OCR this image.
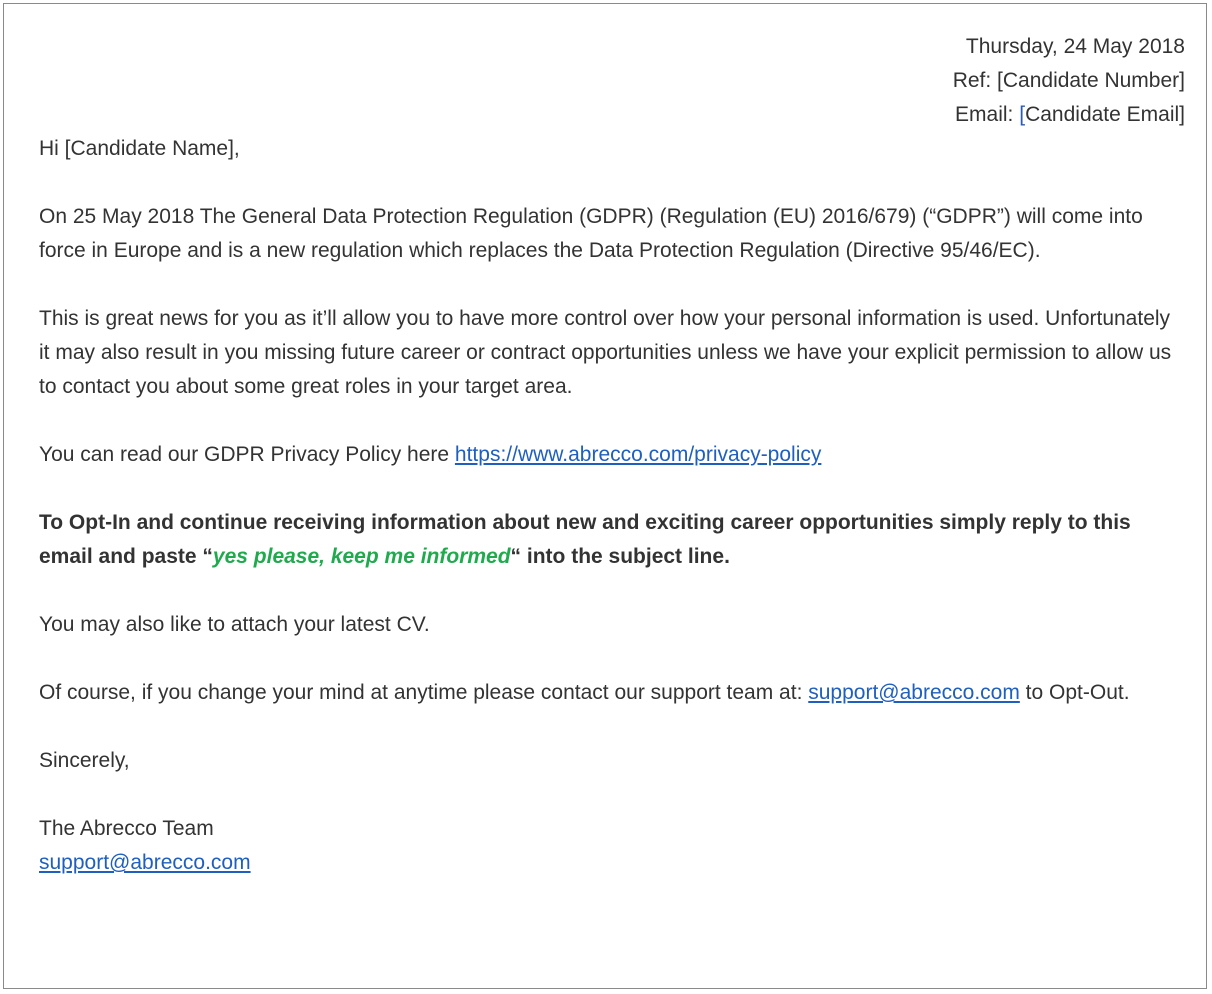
Thursday, 24 May 2018
Ref: [Candidate Number]
Email: [Candidate Email]

Hi [Candidate Name],

On 25 May 2018 The General Data Protection Regulation (GDPR) (Regulation (EU) 2016/679) (“GDPR”) will come into force in Europe and is a new regulation which replaces the Data Protection Regulation (Directive 95/46/EC).

This is great news for you as it’ll allow you to have more control over how your personal information is used. Unfortunately it may also result in you missing future career or contract opportunities unless we have your explicit permission to allow us to contact you about some great roles in your target area.

You can read our GDPR Privacy Policy here https://www.abrecco.com/privacy-policy

To Opt-In and continue receiving information about new and exciting career opportunities simply reply to this email and paste “yes please, keep me informed“ into the subject line.

You may also like to attach your latest CV.

Of course, if you change your mind at anytime please contact our support team at: support@abrecco.com to Opt-Out.

Sincerely,

The Abrecco Team
support@abrecco.com
